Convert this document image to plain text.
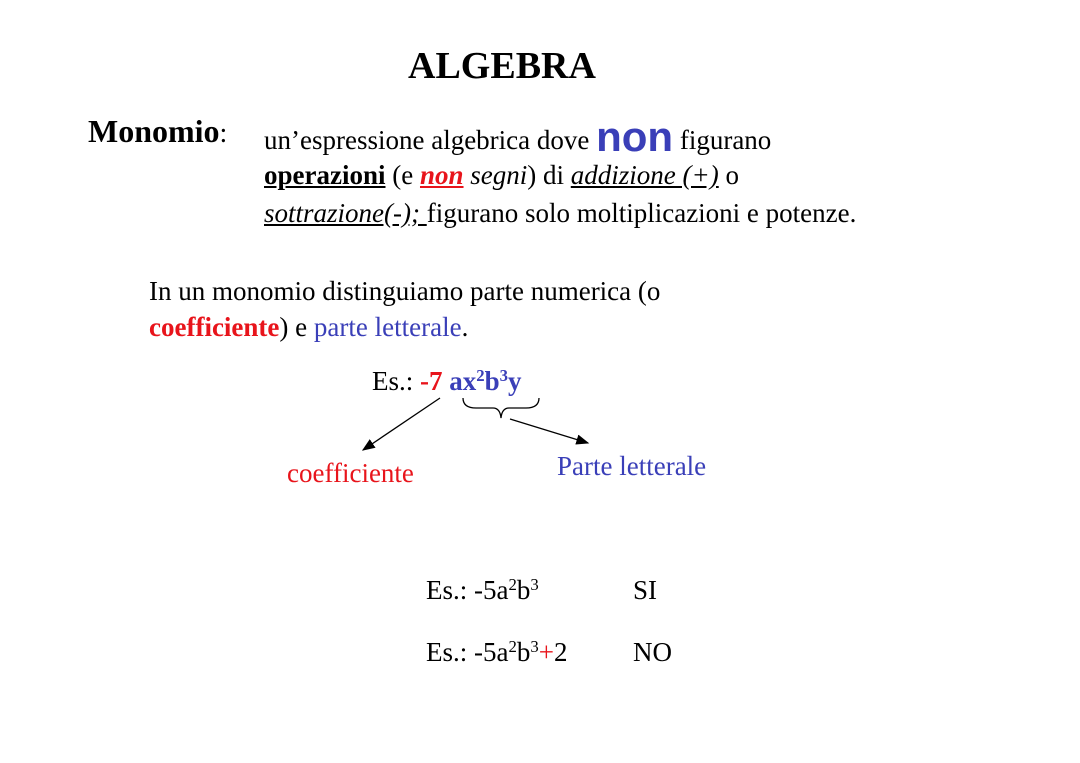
ALGEBRA
Monomio: un’espressione algebrica dove non figurano
operazioni (e non segni) di addizione (+) o
sottrazione(-); figurano solo moltiplicazioni e potenze.
In un monomio distinguiamo parte numerica (o
coefficiente) e parte letterale.
Es.: -7 $ax^2b^3y$
coefficiente	Parte letterale
Es.: $-5a^2b^3$	SI
Es.: $-5a^2b^3+2$ NO
